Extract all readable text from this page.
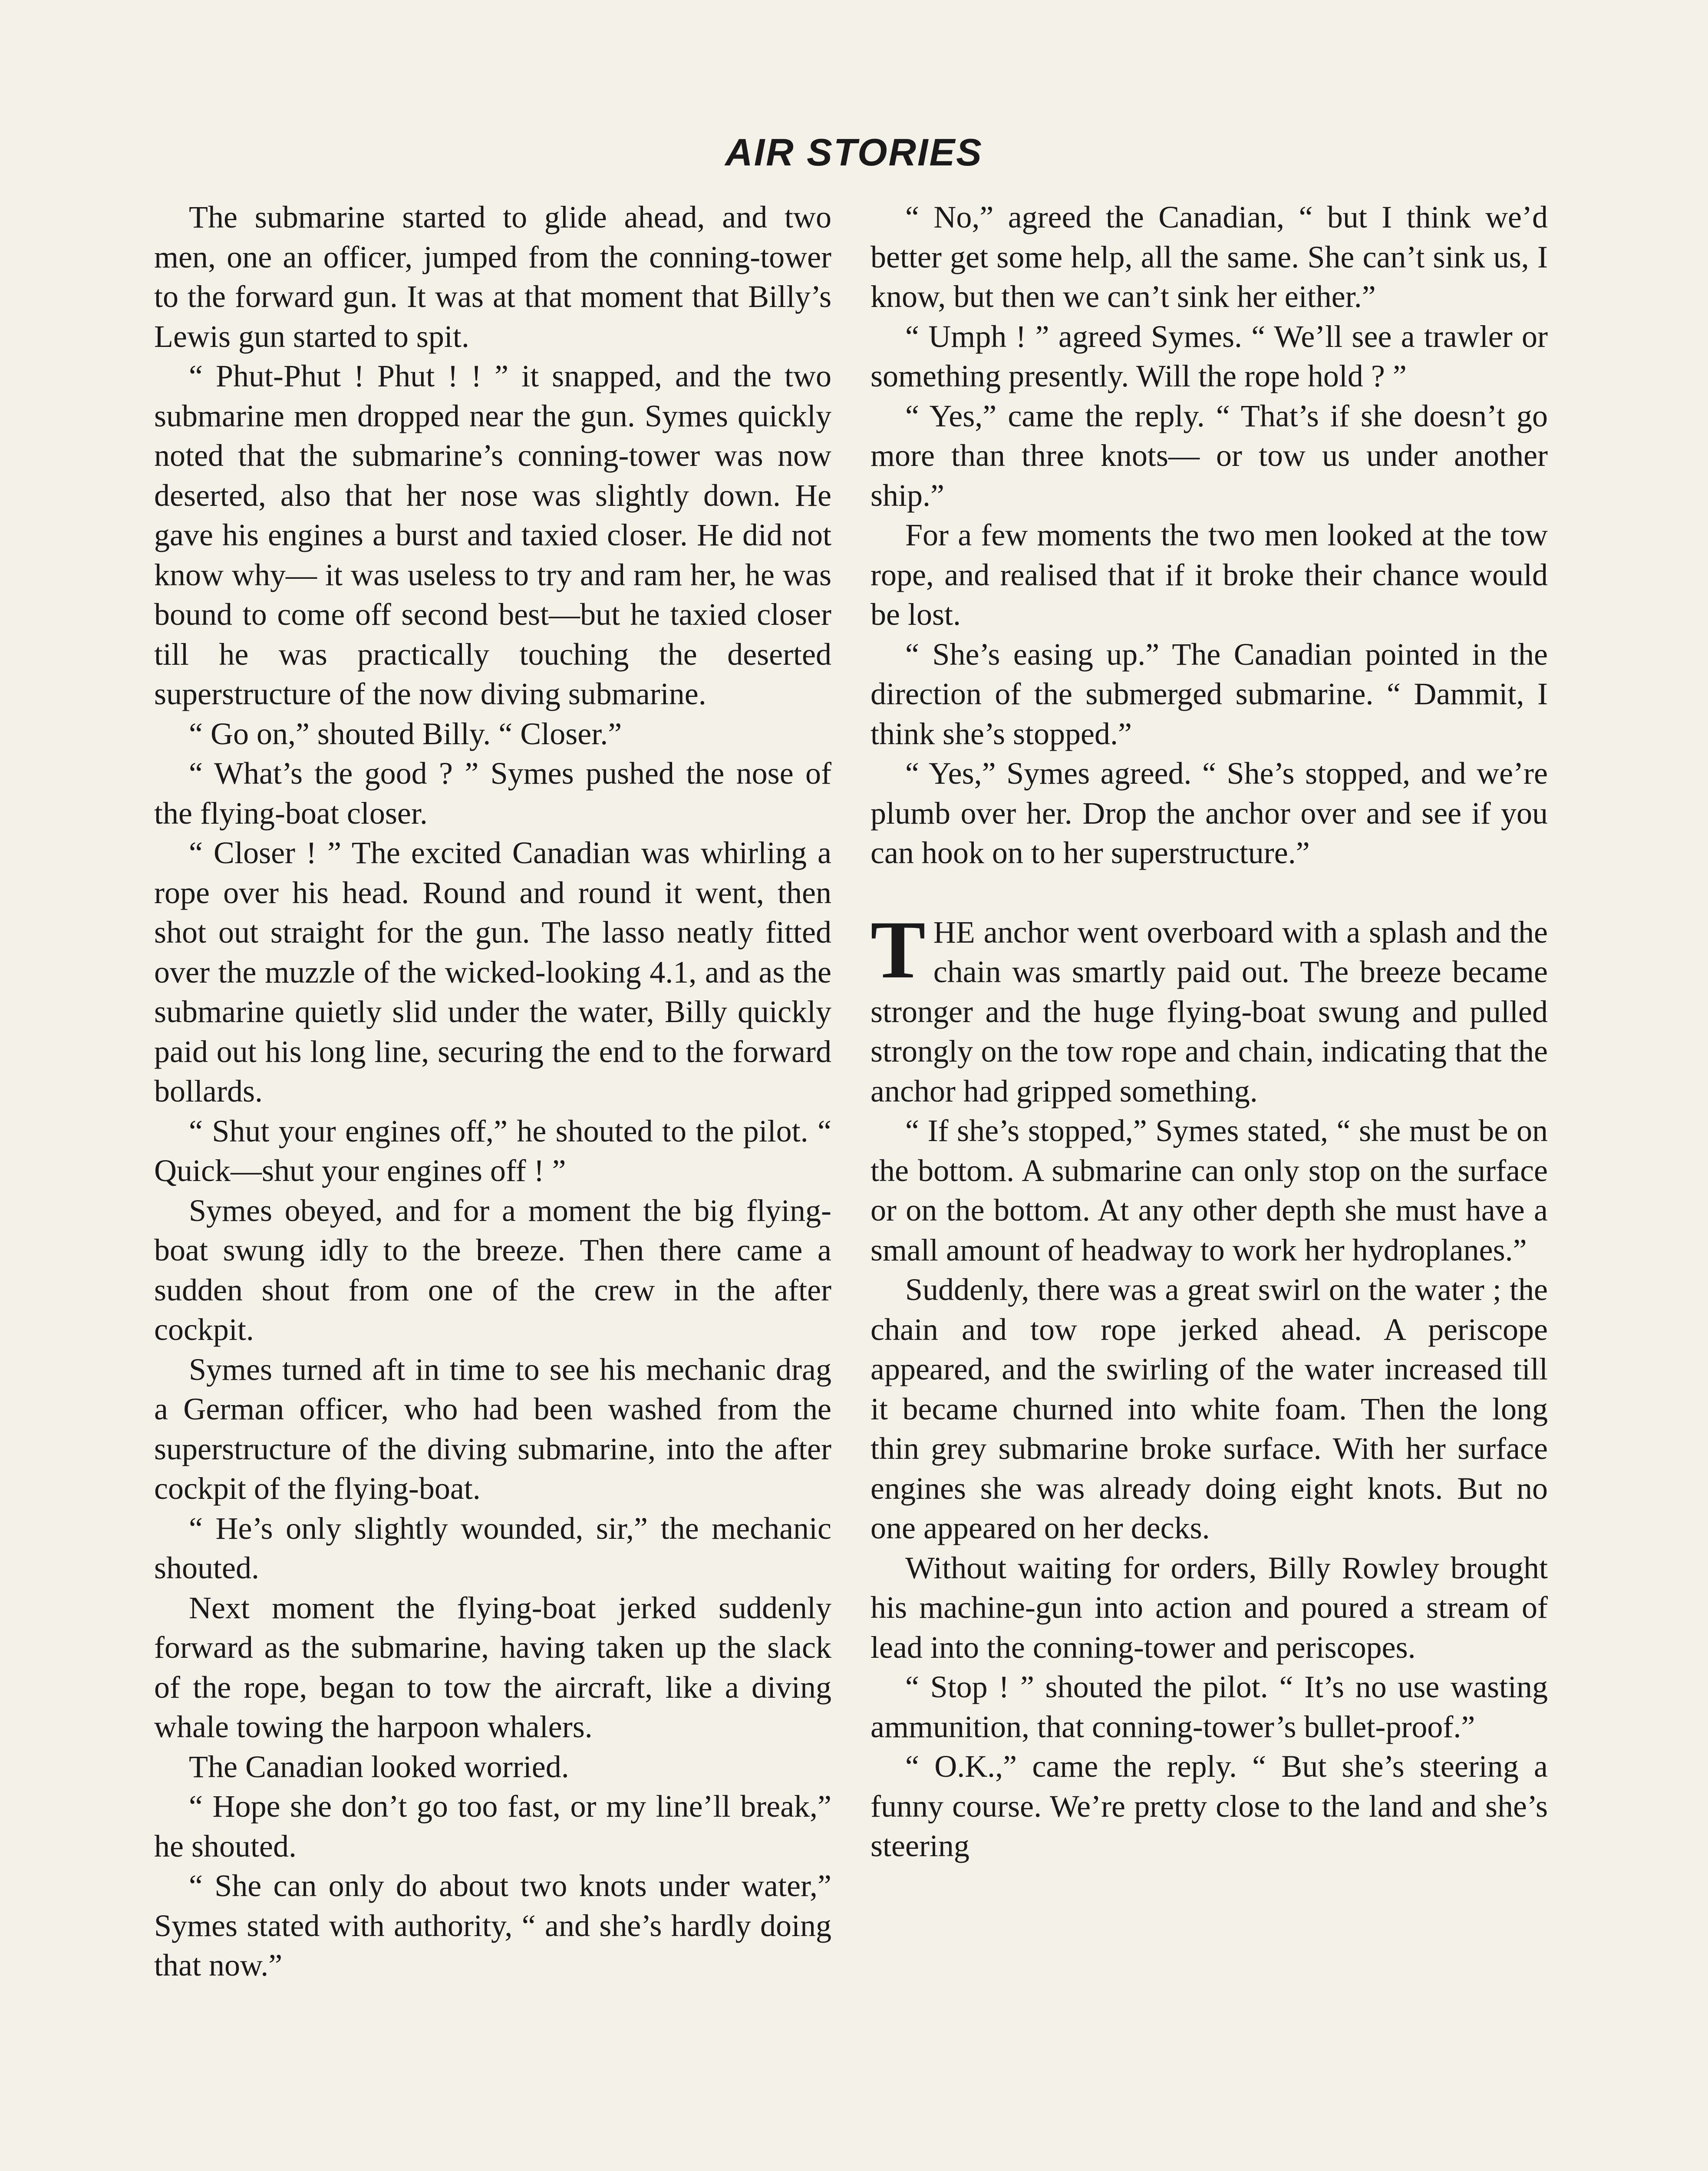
AIR STORIES

The submarine started to glide ahead, and two men, one an officer, jumped from the conning-tower to the forward gun. It was at that moment that Billy’s Lewis gun started to spit.

“ Phut-Phut ! Phut ! ! ” it snapped, and the two submarine men dropped near the gun. Symes quickly noted that the submarine’s conning-tower was now deserted, also that her nose was slightly down. He gave his engines a burst and taxied closer. He did not know why— it was useless to try and ram her, he was bound to come off second best—but he taxied closer till he was practically touching the deserted superstructure of the now diving submarine.

“ Go on,” shouted Billy. “ Closer.”

“ What’s the good ? ” Symes pushed the nose of the flying-boat closer.

“ Closer ! ” The excited Canadian was whirling a rope over his head. Round and round it went, then shot out straight for the gun. The lasso neatly fitted over the muzzle of the wicked-looking 4.1, and as the submarine quietly slid under the water, Billy quickly paid out his long line, securing the end to the forward bollards.

“ Shut your engines off,” he shouted to the pilot. “ Quick—shut your engines off ! ”

Symes obeyed, and for a moment the big flying-boat swung idly to the breeze. Then there came a sudden shout from one of the crew in the after cockpit.

Symes turned aft in time to see his mechanic drag a German officer, who had been washed from the superstructure of the diving submarine, into the after cockpit of the flying-boat.

“ He’s only slightly wounded, sir,” the mechanic shouted.

Next moment the flying-boat jerked suddenly forward as the submarine, having taken up the slack of the rope, began to tow the aircraft, like a diving whale towing the harpoon whalers.

The Canadian looked worried.

“ Hope she don’t go too fast, or my line’ll break,” he shouted.

“ She can only do about two knots under water,” Symes stated with authority, “ and she’s hardly doing that now.”

“ No,” agreed the Canadian, “ but I think we’d better get some help, all the same. She can’t sink us, I know, but then we can’t sink her either.”

“ Umph ! ” agreed Symes. “ We’ll see a trawler or something presently. Will the rope hold ? ”

“ Yes,” came the reply. “ That’s if she doesn’t go more than three knots— or tow us under another ship.”

For a few moments the two men looked at the tow rope, and realised that if it broke their chance would be lost.

“ She’s easing up.” The Canadian pointed in the direction of the submerged submarine. “ Dammit, I think she’s stopped.”

“ Yes,” Symes agreed. “ She’s stopped, and we’re plumb over her. Drop the anchor over and see if you can hook on to her superstructure.”

THE anchor went overboard with a splash and the chain was smartly paid out. The breeze became stronger and the huge flying-boat swung and pulled strongly on the tow rope and chain, indicating that the anchor had gripped something.

“ If she’s stopped,” Symes stated, “ she must be on the bottom. A submarine can only stop on the surface or on the bottom. At any other depth she must have a small amount of headway to work her hydroplanes.”

Suddenly, there was a great swirl on the water ; the chain and tow rope jerked ahead. A periscope appeared, and the swirling of the water increased till it became churned into white foam. Then the long thin grey submarine broke surface. With her surface engines she was already doing eight knots. But no one appeared on her decks.

Without waiting for orders, Billy Rowley brought his machine-gun into action and poured a stream of lead into the conning-tower and periscopes.

“ Stop ! ” shouted the pilot. “ It’s no use wasting ammunition, that conning-tower’s bullet-proof.”

“ O.K.,” came the reply. “ But she’s steering a funny course. We’re pretty close to the land and she’s steering
